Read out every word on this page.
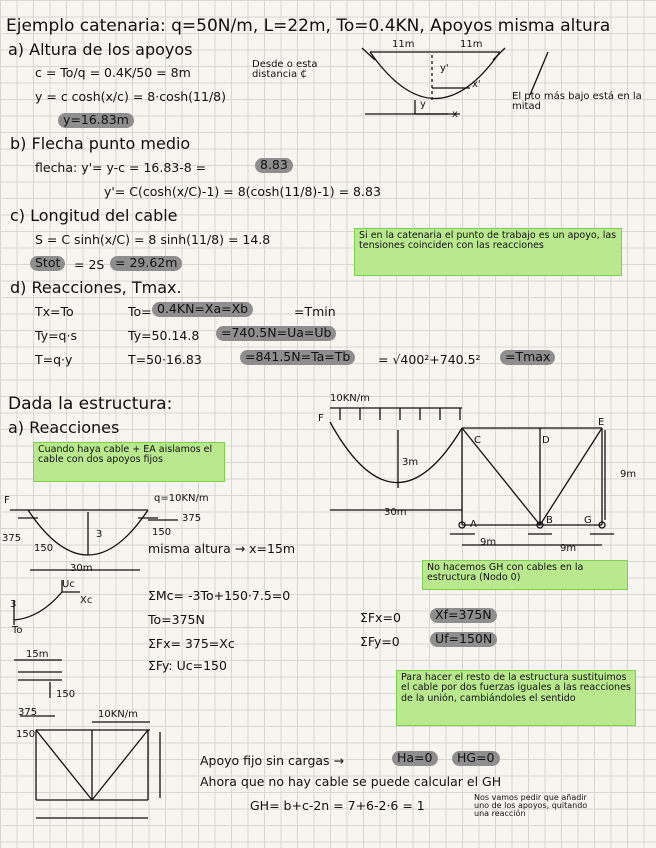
Ejemplo catenaria: q=50N/m, L=22m, To=0.4KN, Apoyos misma altura
a) Altura de los apoyos
c = To/q = 0.4K/50 = 8m
y = c cosh(x/c) = 8·cosh(11/8)
y=16.83m
Desde o esta distancia ₵
El pto más bajo está en la mitad
11m	11m
y'
x'
y
x
b) Flecha punto medio
flecha: y'= y-c = 16.83-8 =	8.83
y'= C(cosh(x/C)-1) = 8(cosh(11/8)-1) = 8.83
c) Longitud del cable
S = C sinh(x/C) = 8 sinh(11/8) = 14.8
Stot	= 2S = 29.62m
Si en la catenaria el punto de trabajo es un apoyo, las tensiones coinciden con las reacciones
d) Reacciones, Tmax.
Tx=To
Ty=q·s
T=q·y
To= 0.4KN=Xa=Xb	=Tmin
Ty=50.14.8	=740.5N=Ua=Ub
T=50·16.83	=841.5N=Ta=Tb	= √400²+740.5²	=Tmax
Dada la estructura:
a) Reacciones
Cuando haya cable + EA aislamos el cable con dos apoyos fijos
10KN/m
F
C	D
E
3m
9m
30m
A	B	G
9m
9m
F	q=10KN/m
375
375
150
150
3
misma altura → x=15m
30m
Uc
Xc
3
To
15m
150
ΣMc= -3To+150·7.5=0
To=375N
ΣFx= 375=Xc
ΣFy: Uc=150
No hacemos GH con cables en la estructura (Nodo 0)
ΣFx=0
ΣFy=0
Xf=375N
Uf=150N
Para hacer el resto de la estructura sustituimos el cable por dos fuerzas iguales a las reacciones de la unión, cambiándoles el sentido
375
150
10KN/m
Apoyo fijo sin cargas →	Ha=0	HG=0
Ahora que no hay cable se puede calcular el GH
GH= b+c-2n = 7+6-2·6 = 1
Nos vamos pedir que añadir uno de los apoyos, quitando una reacción
